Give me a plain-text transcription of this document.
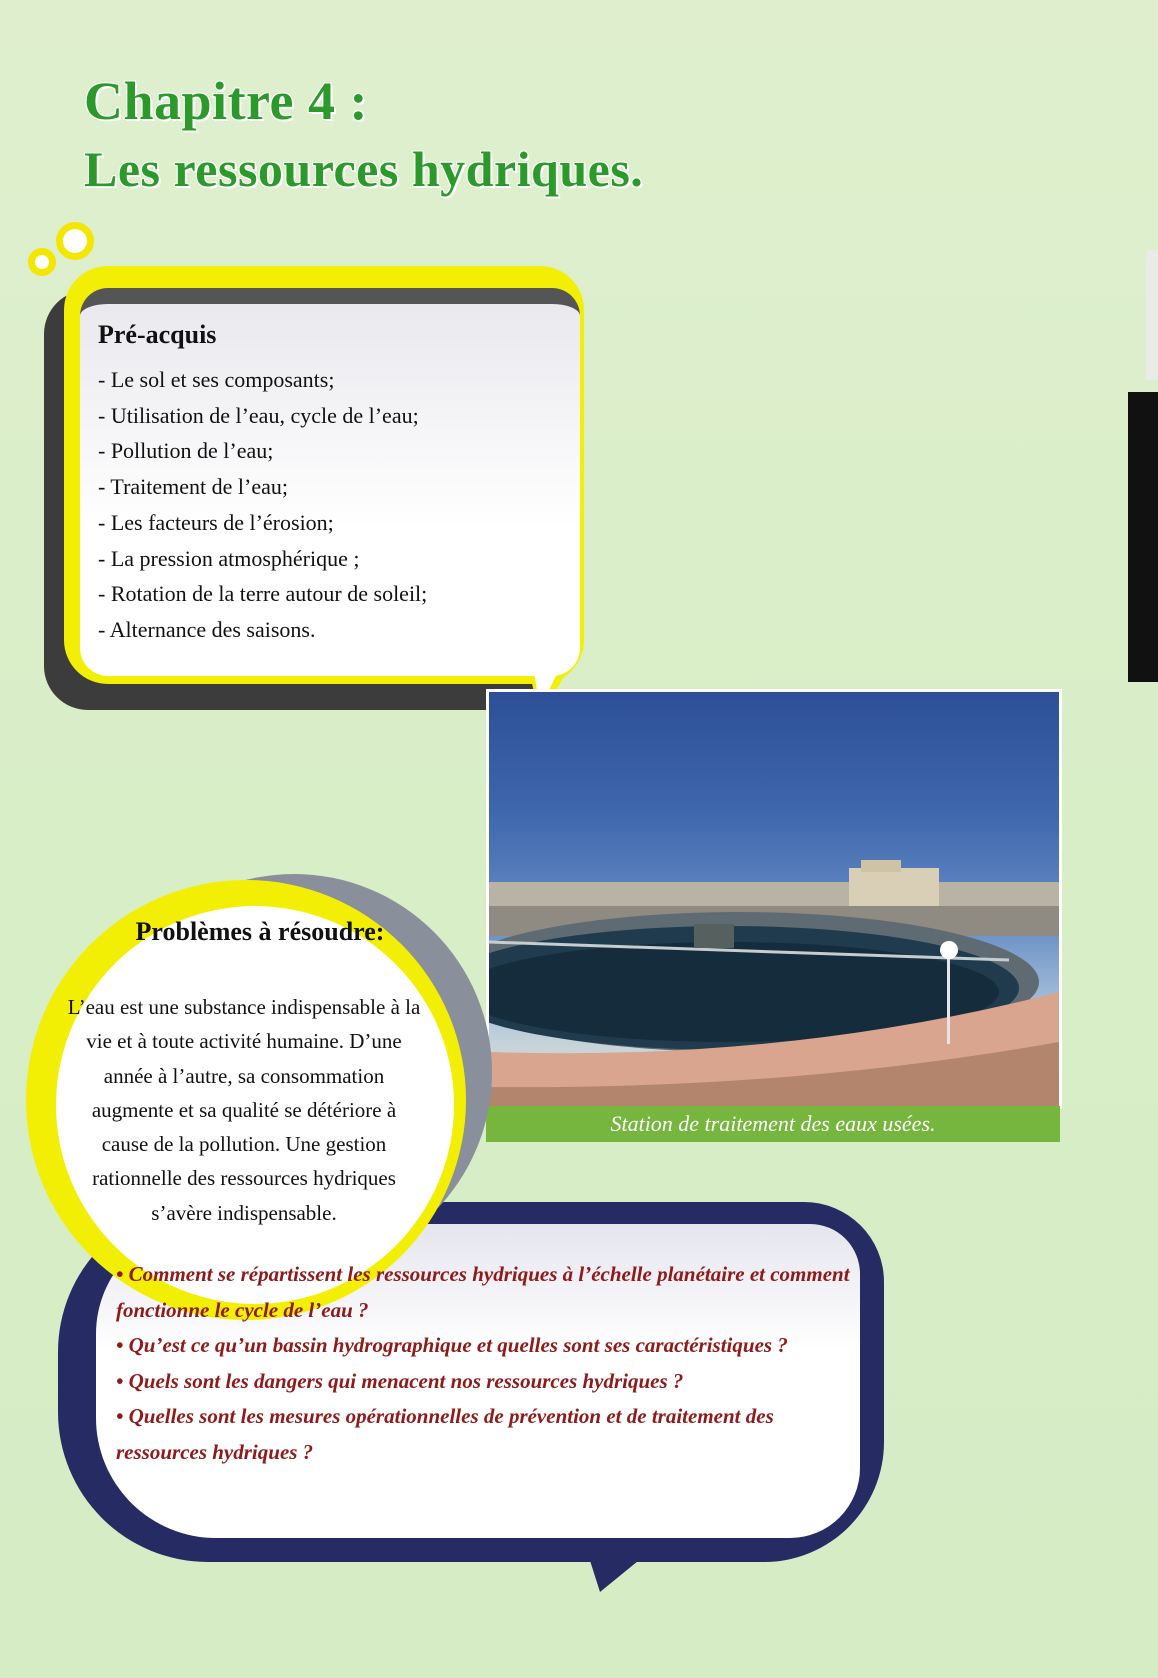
Chapitre 4 :
Les ressources hydriques.
Pré-acquis
- Le sol et ses composants;
- Utilisation de l’eau, cycle de l’eau;
- Pollution de l’eau;
- Traitement de l’eau;
- Les facteurs de l’érosion;
- La pression atmosphérique ;
- Rotation de la terre autour de soleil;
- Alternance des saisons.

Station de traitement des eaux usées.

Problèmes à résoudre:

L’eau est une substance indispensable à la vie et à toute activité humaine. D’une année à l’autre, sa consommation augmente et sa qualité se détériore à cause de la pollution. Une gestion rationnelle des ressources hydriques s’avère indispensable.

• Comment se répartissent les ressources hydriques à l’échelle planétaire et comment fonctionne le cycle de l’eau ?
• Qu’est ce qu’un bassin hydrographique et quelles sont ses caractéristiques ?
• Quels sont les dangers qui menacent nos ressources hydriques ?
• Quelles sont les mesures opérationnelles de prévention et de traitement des ressources hydriques ?
